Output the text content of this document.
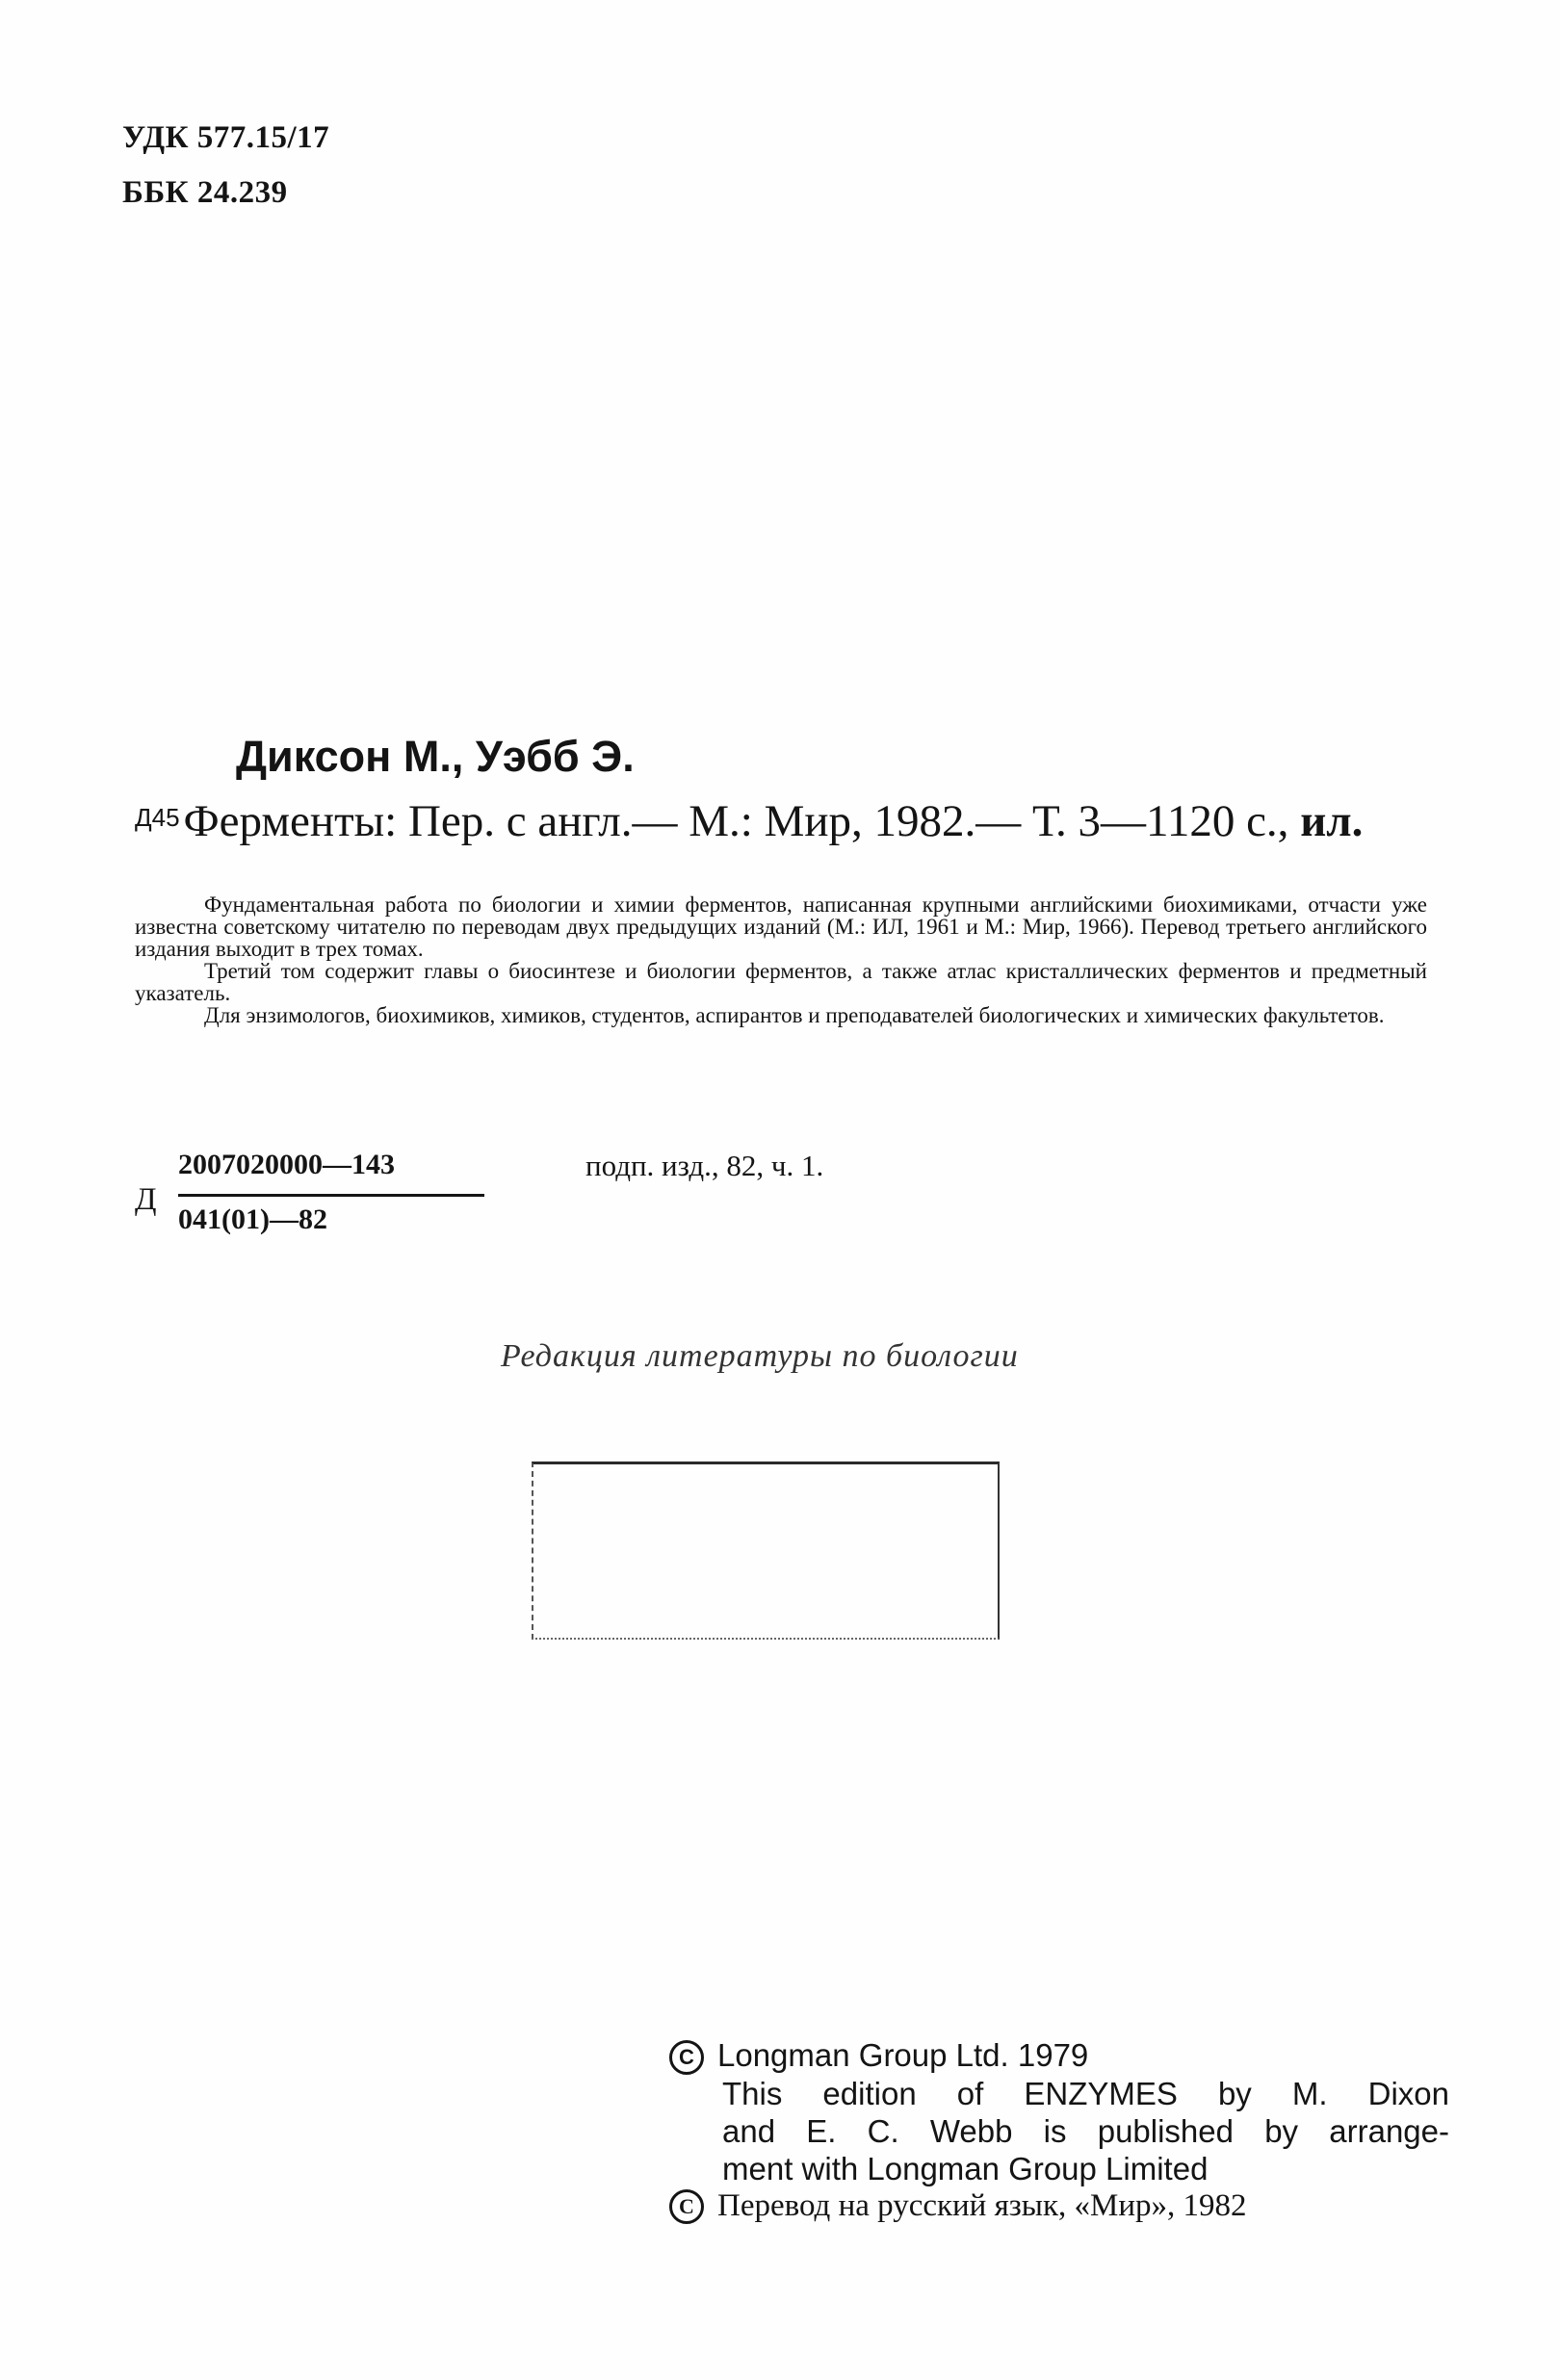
УДК 577.15/17
ББК 24.239
Диксон М., Уэбб Э.
$^{Д45}$Ферменты: Пер. с англ.— М.: Мир, 1982.— Т. 3—1120 с., ил.

Фундаментальная работа по биологии и химии ферментов, написанная крупными английскими биохимиками, отчасти уже известна советскому читателю по переводам двух предыдущих изданий (М.: ИЛ, 1961 и М.: Мир, 1966). Перевод третьего английского издания выходит в трех томах.

Третий том содержит главы о биосинтезе и биологии ферментов, а также атлас кристаллических ферментов и предметный указатель.

Для энзимологов, биохимиков, химиков, студентов, аспирантов и преподавателей биологических и химических факультетов.

Д
2007020000—143
041(01)—82
подп. изд., 82, ч. 1.
Редакция литературы по биологии
C Longman Group Ltd. 1979
This edition of ENZYMES by M. Dixon
and E. C. Webb is published by arrange-
ment with Longman Group Limited
C Перевод на русский язык, «Мир», 1982
